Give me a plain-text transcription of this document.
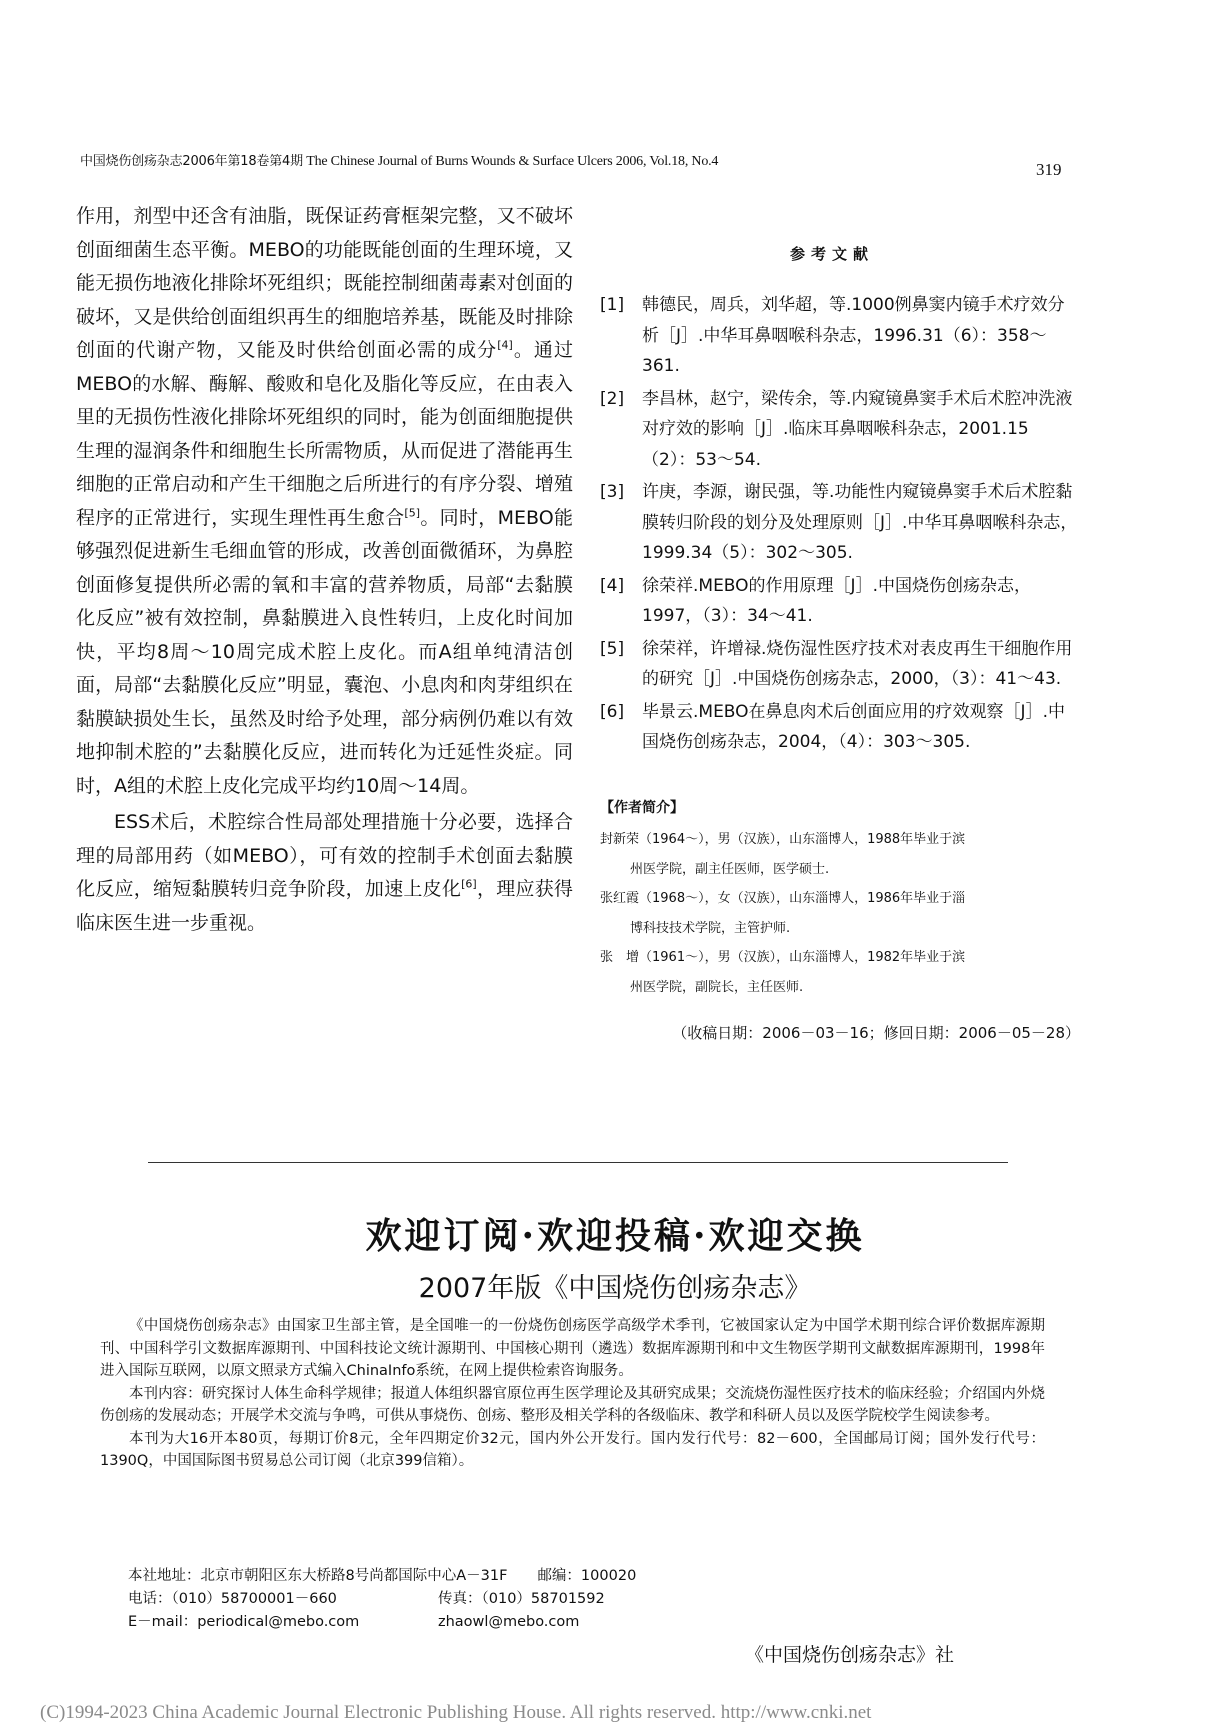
中国烧伤创疡杂志2006年第18卷第4期 The Chinese Journal of Burns Wounds & Surface Ulcers 2006, Vol.18, No.4	319

作用，剂型中还含有油脂，既保证药膏框架完整，又不破坏创面细菌生态平衡。MEBO的功能既能创面的生理环境，又能无损伤地液化排除坏死组织；既能控制细菌毒素对创面的破坏，又是供给创面组织再生的细胞培养基，既能及时排除创面的代谢产物，又能及时供给创面必需的成分[4]。通过MEBO的水解、酶解、酸败和皂化及脂化等反应，在由表入里的无损伤性液化排除坏死组织的同时，能为创面细胞提供生理的湿润条件和细胞生长所需物质，从而促进了潜能再生细胞的正常启动和产生干细胞之后所进行的有序分裂、增殖程序的正常进行，实现生理性再生愈合[5]。同时，MEBO能够强烈促进新生毛细血管的形成，改善创面微循环，为鼻腔创面修复提供所必需的氧和丰富的营养物质，局部“去黏膜化反应”被有效控制，鼻黏膜进入良性转归，上皮化时间加快，平均8周～10周完成术腔上皮化。而A组单纯清洁创面，局部“去黏膜化反应”明显，囊泡、小息肉和肉芽组织在黏膜缺损处生长，虽然及时给予处理，部分病例仍难以有效地抑制术腔的”去黏膜化反应，进而转化为迁延性炎症。同时，A组的术腔上皮化完成平均约10周～14周。

ESS术后，术腔综合性局部处理措施十分必要，选择合理的局部用药（如MEBO），可有效的控制手术创面去黏膜化反应，缩短黏膜转归竞争阶段，加速上皮化[6]，理应获得临床医生进一步重视。

参考文献
[1]	韩德民，周兵，刘华超，等.1000例鼻窦内镜手术疗效分析［J］.中华耳鼻咽喉科杂志，1996.31（6）：358～361.
[2]	李昌林，赵宁，梁传余，等.内窥镜鼻窦手术后术腔冲洗液对疗效的影响［J］.临床耳鼻咽喉科杂志，2001.15（2）：53～54.
[3]	许庚，李源，谢民强，等.功能性内窥镜鼻窦手术后术腔黏膜转归阶段的划分及处理原则［J］.中华耳鼻咽喉科杂志，1999.34（5）：302～305.
[4]	徐荣祥.MEBO的作用原理［J］.中国烧伤创疡杂志，1997，（3）：34～41.
[5]	徐荣祥，许增禄.烧伤湿性医疗技术对表皮再生干细胞作用的研究［J］.中国烧伤创疡杂志，2000，（3）：41～43.
[6]	毕景云.MEBO在鼻息肉术后创面应用的疗效观察［J］.中国烧伤创疡杂志，2004，（4）：303～305.
【作者简介】
封新荣（1964～），男（汉族），山东淄博人，1988年毕业于滨
州医学院，副主任医师，医学硕士.
张红霞（1968～），女（汉族），山东淄博人，1986年毕业于淄
博科技技术学院，主管护师.
张　增（1961～），男（汉族），山东淄博人，1982年毕业于滨
州医学院，副院长，主任医师.
（收稿日期：2006－03－16；修回日期：2006－05－28）
欢迎订阅·欢迎投稿·欢迎交换
2007年版《中国烧伤创疡杂志》

《中国烧伤创疡杂志》由国家卫生部主管，是全国唯一的一份烧伤创疡医学高级学术季刊，它被国家认定为中国学术期刊综合评价数据库源期刊、中国科学引文数据库源期刊、中国科技论文统计源期刊、中国核心期刊（遴选）数据库源期刊和中文生物医学期刊文献数据库源期刊，1998年进入国际互联网，以原文照录方式编入ChinaInfo系统，在网上提供检索咨询服务。

本刊内容：研究探讨人体生命科学规律；报道人体组织器官原位再生医学理论及其研究成果；交流烧伤湿性医疗技术的临床经验；介绍国内外烧伤创疡的发展动态；开展学术交流与争鸣，可供从事烧伤、创疡、整形及相关学科的各级临床、教学和科研人员以及医学院校学生阅读参考。

本刊为大16开本80页，每期订价8元，全年四期定价32元，国内外公开发行。国内发行代号：82－600，全国邮局订阅；国外发行代号：1390Q，中国国际图书贸易总公司订阅（北京399信箱）。

本社地址：北京市朝阳区东大桥路8号尚都国际中心A－31F 邮编：100020
电话：（010）58700001－660	传真：（010）58701592
E－mail：periodical@mebo.com	zhaowl@mebo.com
《中国烧伤创疡杂志》社
(C)1994-2023 China Academic Journal Electronic Publishing House. All rights reserved. http://www.cnki.net
